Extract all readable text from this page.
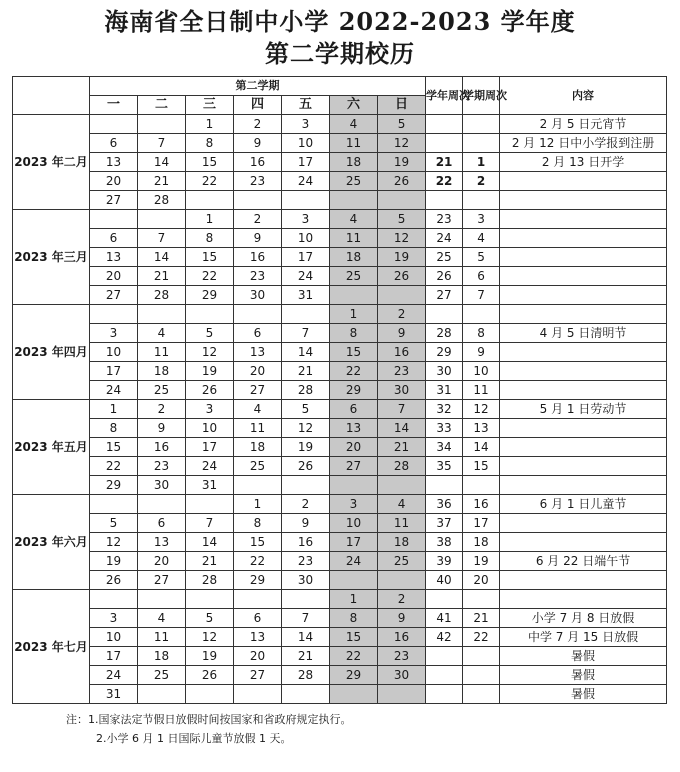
海南省全日制中小学 2022-2023 学年度
第二学期校历
	第二学期							学年周次	学期周次	内容
	一	二	三	四	五	六	日			
2023 年二月			1	2	3	4	5			2 月 5 日元宵节
	6	7	8	9	10	11	12			2 月 12 日中小学报到注册
	13	14	15	16	17	18	19	21	1	2 月 13 日开学
	20	21	22	23	24	25	26	22	2	
	27	28								
2023 年三月			1	2	3	4	5	23	3	
	6	7	8	9	10	11	12	24	4	
	13	14	15	16	17	18	19	25	5	
	20	21	22	23	24	25	26	26	6	
	27	28	29	30	31			27	7	
2023 年四月						1	2			
	3	4	5	6	7	8	9	28	8	4 月 5 日清明节
	10	11	12	13	14	15	16	29	9	
	17	18	19	20	21	22	23	30	10	
	24	25	26	27	28	29	30	31	11	
2023 年五月	1	2	3	4	5	6	7	32	12	5 月 1 日劳动节
	8	9	10	11	12	13	14	33	13	
	15	16	17	18	19	20	21	34	14	
	22	23	24	25	26	27	28	35	15	
	29	30	31							
2023 年六月				1	2	3	4	36	16	6 月 1 日儿童节
	5	6	7	8	9	10	11	37	17	
	12	13	14	15	16	17	18	38	18	
	19	20	21	22	23	24	25	39	19	6 月 22 日端午节
	26	27	28	29	30			40	20	
2023 年七月						1	2			
	3	4	5	6	7	8	9	41	21	小学 7 月 8 日放假
	10	11	12	13	14	15	16	42	22	中学 7 月 15 日放假
	17	18	19	20	21	22	23			暑假
	24	25	26	27	28	29	30			暑假
	31									暑假
注：1.国家法定节假日放假时间按国家和省政府规定执行。
2.小学 6 月 1 日国际儿童节放假 1 天。
